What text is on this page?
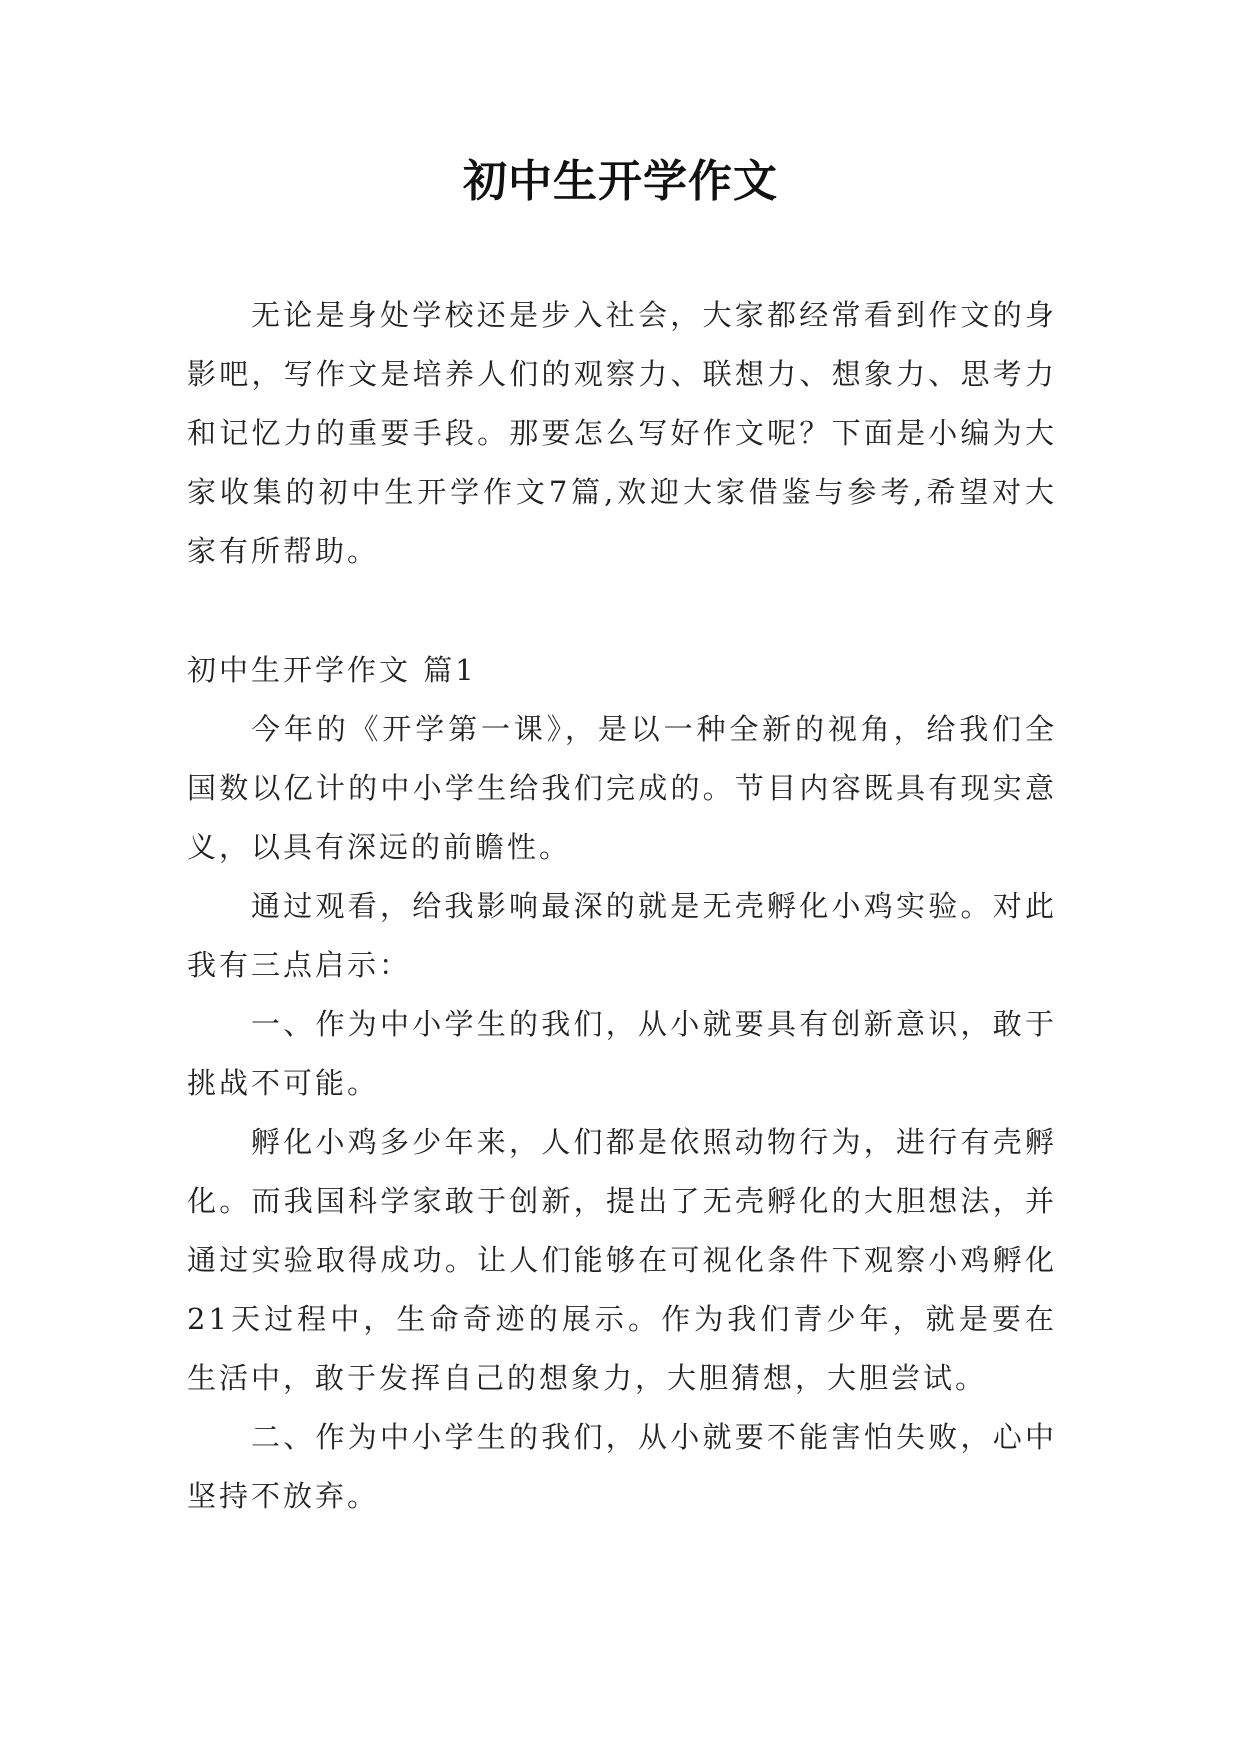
初中生开学作文

无论是身处学校还是步入社会，大家都经常看到作文的身影吧，写作文是培养人们的观察力、联想力、想象力、思考力和记忆力的重要手段。那要怎么写好作文呢？下面是小编为大家收集的初中生开学作文7篇,欢迎大家借鉴与参考,希望对大家有所帮助。

初中生开学作文 篇1

今年的《开学第一课》，是以一种全新的视角，给我们全国数以亿计的中小学生给我们完成的。节目内容既具有现实意义，以具有深远的前瞻性。

通过观看，给我影响最深的就是无壳孵化小鸡实验。对此我有三点启示：

一、作为中小学生的我们，从小就要具有创新意识，敢于挑战不可能。

孵化小鸡多少年来，人们都是依照动物行为，进行有壳孵化。而我国科学家敢于创新，提出了无壳孵化的大胆想法，并通过实验取得成功。让人们能够在可视化条件下观察小鸡孵化21天过程中，生命奇迹的展示。作为我们青少年，就是要在生活中，敢于发挥自己的想象力，大胆猜想，大胆尝试。

二、作为中小学生的我们，从小就要不能害怕失败，心中坚持不放弃。
